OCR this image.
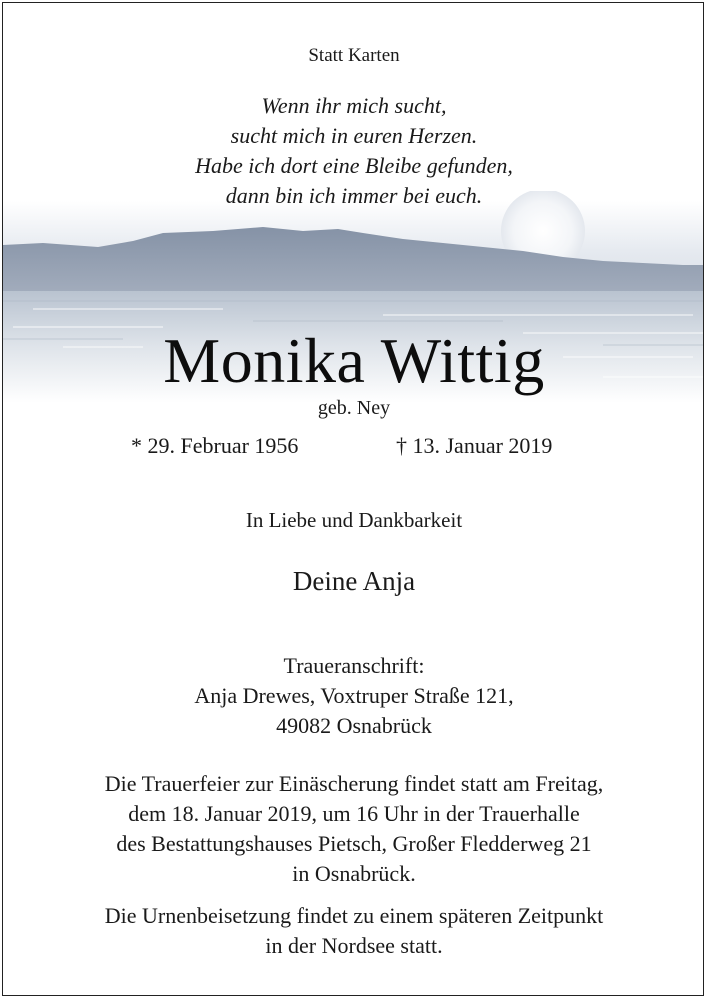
Statt Karten
Wenn ihr mich sucht,
sucht mich in euren Herzen.
Habe ich dort eine Bleibe gefunden,
dann bin ich immer bei euch.
Monika Wittig
geb. Ney
* 29. Februar 1956	† 13. Januar 2019
In Liebe und Dankbarkeit
Deine Anja
Traueranschrift:
Anja Drewes, Voxtruper Straße 121,
49082 Osnabrück
Die Trauerfeier zur Einäscherung findet statt am Freitag,
dem 18. Januar 2019, um 16 Uhr in der Trauerhalle
des Bestattungshauses Pietsch, Großer Fledderweg 21
in Osnabrück.
Die Urnenbeisetzung findet zu einem späteren Zeitpunkt
in der Nordsee statt.
